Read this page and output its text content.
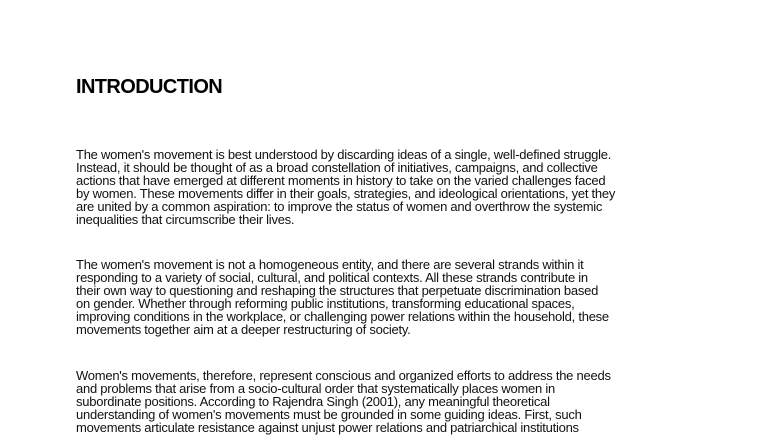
INTRODUCTION

The women's movement is best understood by discarding ideas of a single, well-defined struggle.
Instead, it should be thought of as a broad constellation of initiatives, campaigns, and collective
actions that have emerged at different moments in history to take on the varied challenges faced
by women. These movements differ in their goals, strategies, and ideological orientations, yet they
are united by a common aspiration: to improve the status of women and overthrow the systemic
inequalities that circumscribe their lives.

The women's movement is not a homogeneous entity, and there are several strands within it
responding to a variety of social, cultural, and political contexts. All these strands contribute in
their own way to questioning and reshaping the structures that perpetuate discrimination based
on gender. Whether through reforming public institutions, transforming educational spaces,
improving conditions in the workplace, or challenging power relations within the household, these
movements together aim at a deeper restructuring of society.

Women's movements, therefore, represent conscious and organized efforts to address the needs
and problems that arise from a socio-cultural order that systematically places women in
subordinate positions. According to Rajendra Singh (2001), any meaningful theoretical
understanding of women's movements must be grounded in some guiding ideas. First, such
movements articulate resistance against unjust power relations and patriarchical institutions
